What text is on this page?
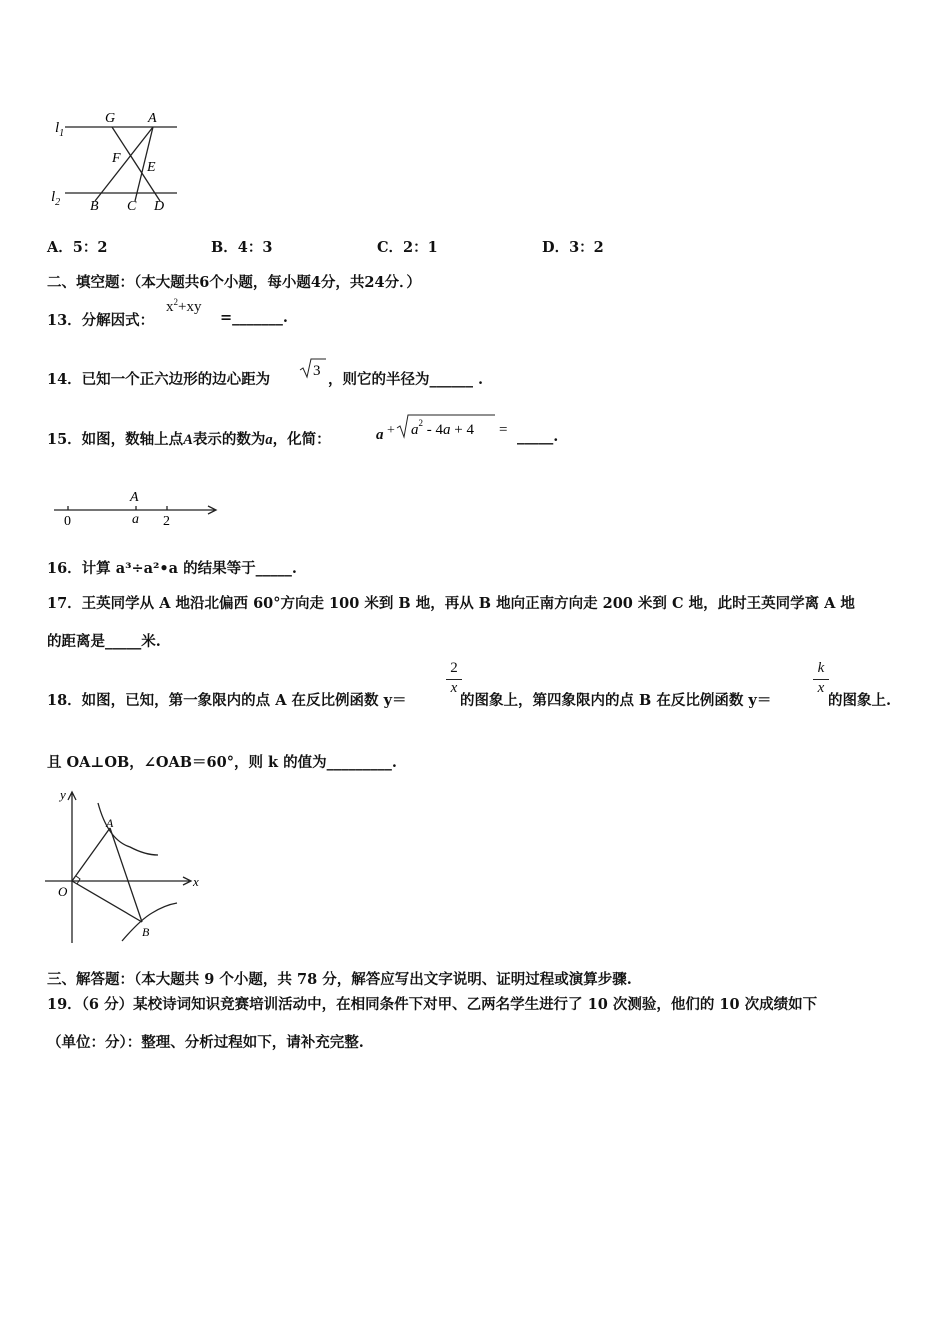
$l_1$
$l_2$
G A
F
E
B C D
A．5：2	B．4：3	C．2：1	D．3：2
二、填空题：（本大题共6个小题，每小题4分，共24分．）
13．分解因式：
$x^2+xy$
=_______.
14．已知一个正六边形的边心距为	3 ，则它的半径为______ .
15．如图，数轴上点A表示的数为a，化简：	$a + a^2 - 4a + 4$ = _____.
A
a
0	2
16．计算 a³÷a²•a 的结果等于_____.
17．王英同学从 A 地沿北偏西 60°方向走 100 米到 B 地，再从 B 地向正南方向走 200 米到 C 地，此时王英同学离 A 地
的距离是_____米.
18．如图，已知，第一象限内的点 A 在反比例函数 y＝
2
x
的图象上，第四象限内的点 B 在反比例函数 y＝
k
x
的图象上.
且 OA⊥OB，∠OAB＝60°，则 k 的值为_________.
y
x
O
A
B
三、解答题：（本大题共 9 个小题，共 78 分，解答应写出文字说明、证明过程或演算步骤.
19．（6 分）某校诗词知识竞赛培训活动中，在相同条件下对甲、乙两名学生进行了 10 次测验，他们的 10 次成绩如下
（单位：分）：整理、分析过程如下，请补充完整.
